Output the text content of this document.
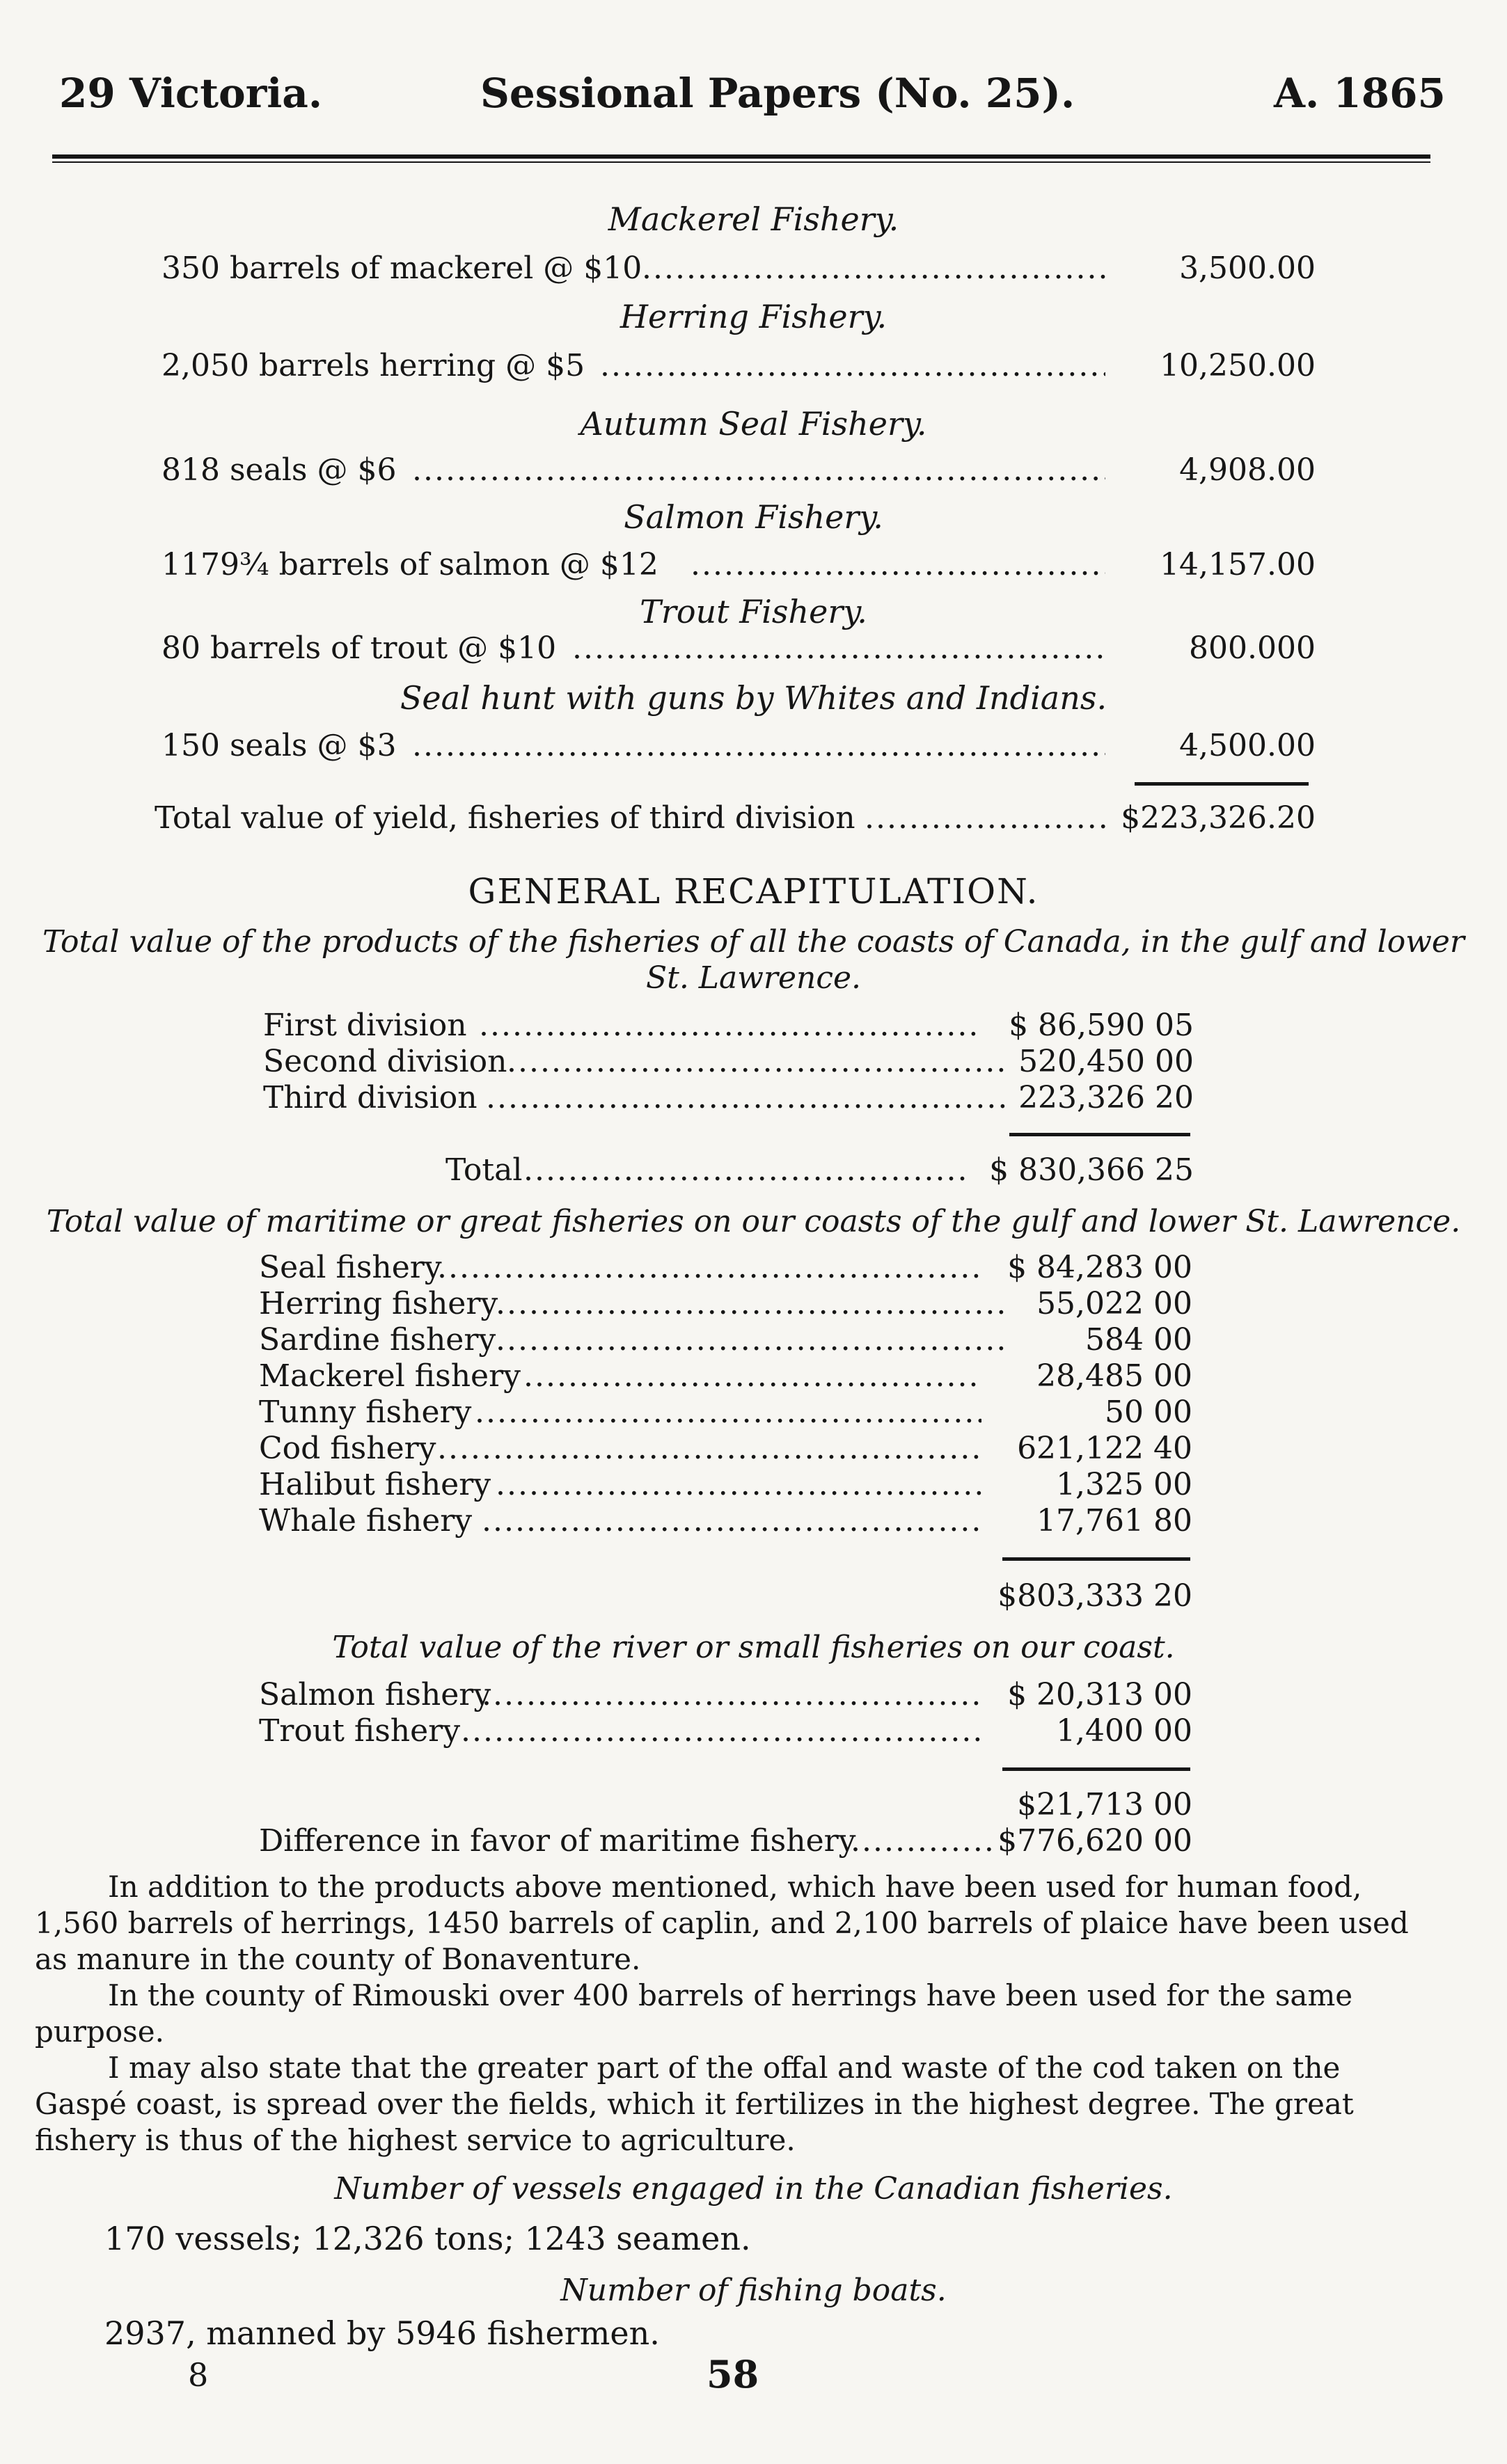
29 Victoria.	Sessional Papers (No. 25).	A. 1865
Mackerel Fishery.
350 barrels of mackerel @ $10 .....	3,500.00
Herring Fishery.
2,050 barrels herring @ $5 .....	10,250.00
Autumn Seal Fishery.
818 seals @ $6 .....	4,908.00
Salmon Fishery.
1179¾ barrels of salmon @ $12 .....	14,157.00
Trout Fishery.
80 barrels of trout @ $10 .....	800.000
Seal hunt with guns by Whites and Indians.
150 seals @ $3 .....	4,500.00
Total value of yield, fisheries of third division .....	$223,326.20
GENERAL RECAPITULATION.
Total value of the products of the fisheries of all the coasts of Canada, in the gulf and lower
St. Lawrence.
First division .....	$ 86,590 05
Second division .....	520,450 00
Third division .....	223,326 20
Total .....	$ 830,366 25
Total value of maritime or great fisheries on our coasts of the gulf and lower St. Lawrence.
Seal fishery .....	$ 84,283 00
Herring fishery .....	55,022 00
Sardine fishery .....	584 00
Mackerel fishery .....	28,485 00
Tunny fishery .....	50 00
Cod fishery .....	621,122 40
Halibut fishery .....	1,325 00
Whale fishery .....	17,761 80
$803,333 20
Total value of the river or small fisheries on our coast.
Salmon fishery .....	$ 20,313 00
Trout fishery .....	1,400 00
$21,713 00
Difference in favor of maritime fishery .....	$776,620 00
In addition to the products above mentioned, which have been used for human food, 1,560 barrels of herrings, 1450 barrels of caplin, and 2,100 barrels of plaice have been used as manure in the county of Bonaventure.
In the county of Rimouski over 400 barrels of herrings have been used for the same purpose.
I may also state that the greater part of the offal and waste of the cod taken on the Gaspé coast, is spread over the fields, which it fertilizes in the highest degree. The great fishery is thus of the highest service to agriculture.
Number of vessels engaged in the Canadian fisheries.
170 vessels; 12,326 tons; 1243 seamen.
Number of fishing boats.
2937, manned by 5946 fishermen.
8	58
